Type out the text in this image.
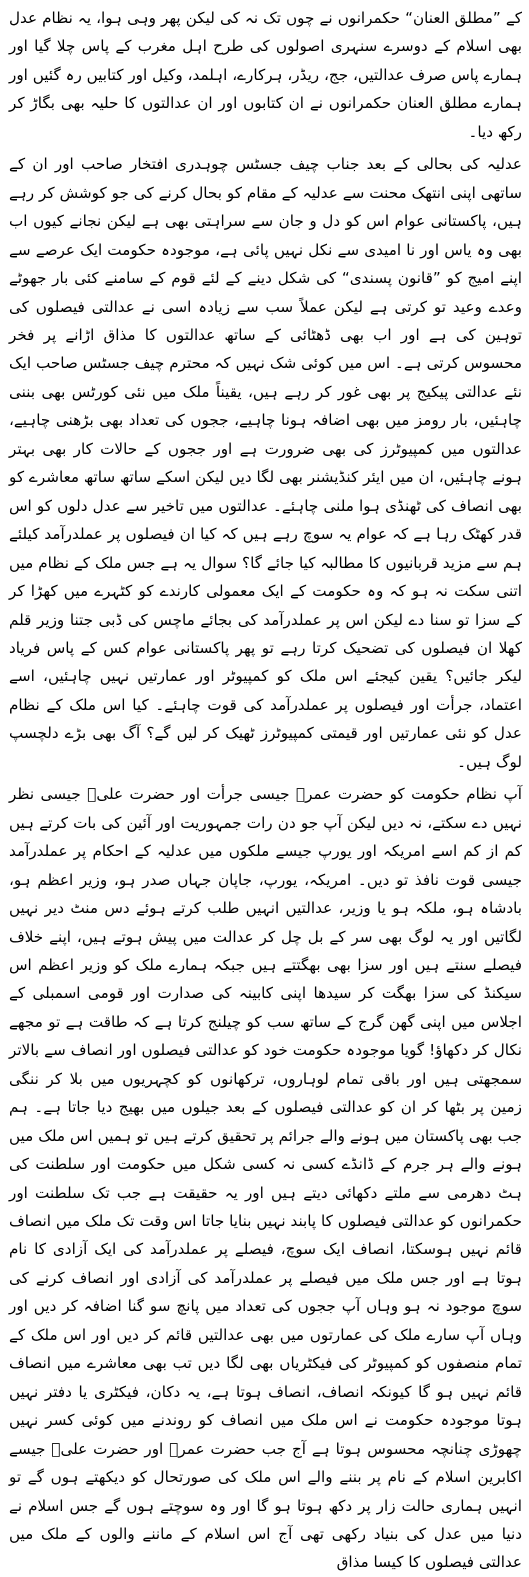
کے ”مطلق العنان“ حکمرانوں نے چوں تک نہ کی لیکن پھر وہی ہوا، یہ نظام عدل بھی اسلام کے دوسرے سنہری اصولوں کی طرح اہل مغرب کے پاس چلا گیا اور ہمارے پاس صرف عدالتیں، جج، ریڈر، ہرکارے، اہلمد، وکیل اور کتابیں رہ گئیں اور ہمارے مطلق العنان حکمرانوں نے ان کتابوں اور ان عدالتوں کا حلیہ بھی بگاڑ کر رکھ دیا۔

عدلیہ کی بحالی کے بعد جناب چیف جسٹس چوہدری افتخار صاحب اور ان کے ساتھی اپنی انتھک محنت سے عدلیہ کے مقام کو بحال کرنے کی جو کوشش کر رہے ہیں، پاکستانی عوام اس کو دل و جان سے سراہتی بھی ہے لیکن نجانے کیوں اب بھی وہ یاس اور نا امیدی سے نکل نہیں پائی ہے، موجودہ حکومت ایک عرصے سے اپنے امیج کو ”قانون پسندی“ کی شکل دینے کے لئے قوم کے سامنے کئی بار جھوٹے وعدے وعید تو کرتی ہے لیکن عملاً سب سے زیادہ اسی نے عدالتی فیصلوں کی توہین کی ہے اور اب بھی ڈھٹائی کے ساتھ عدالتوں کا مذاق اڑانے پر فخر محسوس کرتی ہے۔ اس میں کوئی شک نہیں کہ محترم چیف جسٹس صاحب ایک نئے عدالتی پیکیج پر بھی غور کر رہے ہیں، یقیناً ملک میں نئی کورٹس بھی بننی چاہئیں، بار رومز میں بھی اضافہ ہونا چاہیے، ججوں کی تعداد بھی بڑھنی چاہیے، عدالتوں میں کمپیوٹرز کی بھی ضرورت ہے اور ججوں کے حالات کار بھی بہتر ہونے چاہئیں، ان میں ایئر کنڈیشنر بھی لگا دیں لیکن اسکے ساتھ ساتھ معاشرے کو بھی انصاف کی ٹھنڈی ہوا ملنی چاہئے۔ عدالتوں میں تاخیر سے عدل دلوں کو اس قدر کھٹک رہا ہے کہ عوام یہ سوچ رہے ہیں کہ کیا ان فیصلوں پر عملدرآمد کیلئے ہم سے مزید قربانیوں کا مطالبہ کیا جائے گا؟ سوال یہ ہے جس ملک کے نظام میں اتنی سکت نہ ہو کہ وہ حکومت کے ایک معمولی کارندے کو کٹہرے میں کھڑا کر کے سزا تو سنا دے لیکن اس پر عملدرآمد کی بجائے ماچس کی ڈبی جتنا وزیر قلم کھلا ان فیصلوں کی تضحیک کرتا رہے تو پھر پاکستانی عوام کس کے پاس فریاد لیکر جائیں؟ یقین کیجئے اس ملک کو کمپیوٹر اور عمارتیں نہیں چاہئیں، اسے اعتماد، جرأت اور فیصلوں پر عملدرآمد کی قوت چاہئے۔ کیا اس ملک کے نظام عدل کو نئی عمارتیں اور قیمتی کمپیوٹرز ٹھیک کر لیں گے؟ آگ بھی بڑے دلچسپ لوگ ہیں۔

آپ نظام حکومت کو حضرت عمرؓ جیسی جرأت اور حضرت علیؓ جیسی نظر نہیں دے سکتے، نہ دیں لیکن آپ جو دن رات جمہوریت اور آئین کی بات کرتے ہیں کم از کم اسے امریکہ اور یورپ جیسے ملکوں میں عدلیہ کے احکام پر عملدرآمد جیسی قوت نافذ تو دیں۔ امریکہ، یورپ، جاپان جہاں صدر ہو، وزیر اعظم ہو، بادشاہ ہو، ملکہ ہو یا وزیر، عدالتیں انہیں طلب کرتے ہوئے دس منٹ دیر نہیں لگاتیں اور یہ لوگ بھی سر کے بل چل کر عدالت میں پیش ہوتے ہیں، اپنے خلاف فیصلے سنتے ہیں اور سزا بھی بھگتتے ہیں جبکہ ہمارے ملک کو وزیر اعظم اس سیکنڈ کی سزا بھگت کر سیدھا اپنی کابینہ کی صدارت اور قومی اسمبلی کے اجلاس میں اپنی گھن گرج کے ساتھ سب کو چیلنج کرتا ہے کہ طاقت ہے تو مجھے نکال کر دکھاؤ! گویا موجودہ حکومت خود کو عدالتی فیصلوں اور انصاف سے بالاتر سمجھتی ہیں اور باقی تمام لوہاروں، ترکھانوں کو کچہریوں میں بلا کر ننگی زمین پر بٹھا کر ان کو عدالتی فیصلوں کے بعد جیلوں میں بھیج دیا جاتا ہے۔ ہم جب بھی پاکستان میں ہونے والے جرائم پر تحقیق کرتے ہیں تو ہمیں اس ملک میں ہونے والے ہر جرم کے ڈانڈے کسی نہ کسی شکل میں حکومت اور سلطنت کی ہٹ دھرمی سے ملتے دکھائی دیتے ہیں اور یہ حقیقت ہے جب تک سلطنت اور حکمرانوں کو عدالتی فیصلوں کا پابند نہیں بنایا جاتا اس وقت تک ملک میں انصاف قائم نہیں ہوسکتا، انصاف ایک سوچ، فیصلے پر عملدرآمد کی ایک آزادی کا نام ہوتا ہے اور جس ملک میں فیصلے پر عملدرآمد کی آزادی اور انصاف کرنے کی سوچ موجود نہ ہو وہاں آپ ججوں کی تعداد میں پانچ سو گنا اضافہ کر دیں اور وہاں آپ سارے ملک کی عمارتوں میں بھی عدالتیں قائم کر دیں اور اس ملک کے تمام منصفوں کو کمپیوٹر کی فیکٹریاں بھی لگا دیں تب بھی معاشرے میں انصاف قائم نہیں ہو گا کیونکہ انصاف، انصاف ہوتا ہے، یہ دکان، فیکٹری یا دفتر نہیں ہوتا موجودہ حکومت نے اس ملک میں انصاف کو روندنے میں کوئی کسر نہیں چھوڑی چنانچہ محسوس ہوتا ہے آج جب حضرت عمرؓ اور حضرت علیؓ جیسے اکابرین اسلام کے نام پر بننے والے اس ملک کی صورتحال کو دیکھتے ہوں گے تو انہیں ہماری حالت زار پر دکھ ہوتا ہو گا اور وہ سوچتے ہوں گے جس اسلام نے دنیا میں عدل کی بنیاد رکھی تھی آج اس اسلام کے ماننے والوں کے ملک میں عدالتی فیصلوں کا کیسا مذاق
